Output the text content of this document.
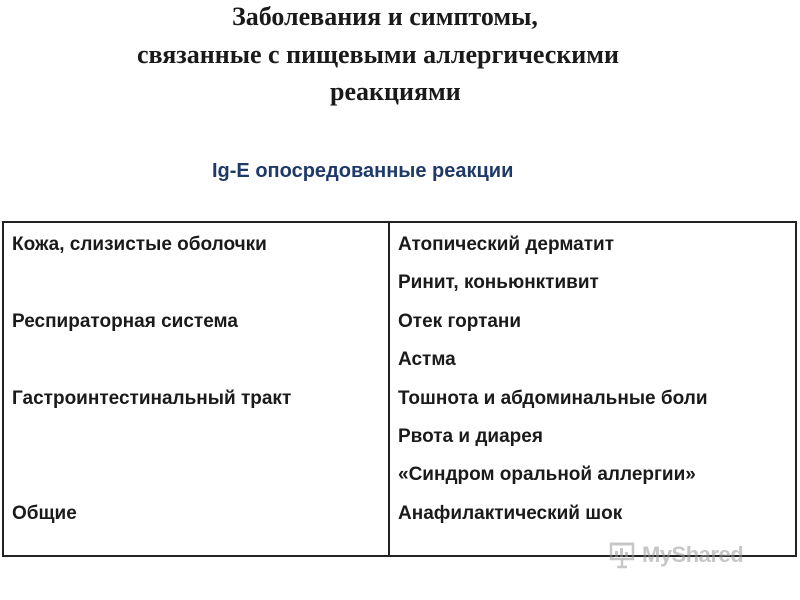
Заболевания и симптомы,
связанные с пищевыми аллергическими
реакциями
Ig-E опосредованные реакции
Кожа, слизистые оболочки
Респираторная система
Гастроинтестинальный тракт
Общие
Атопический дерматит
Ринит, коньюнктивит
Отек гортани
Астма
Тошнота и абдоминальные боли
Рвота и диарея
«Синдром оральной аллергии»
Анафилактический шок
MyShared
